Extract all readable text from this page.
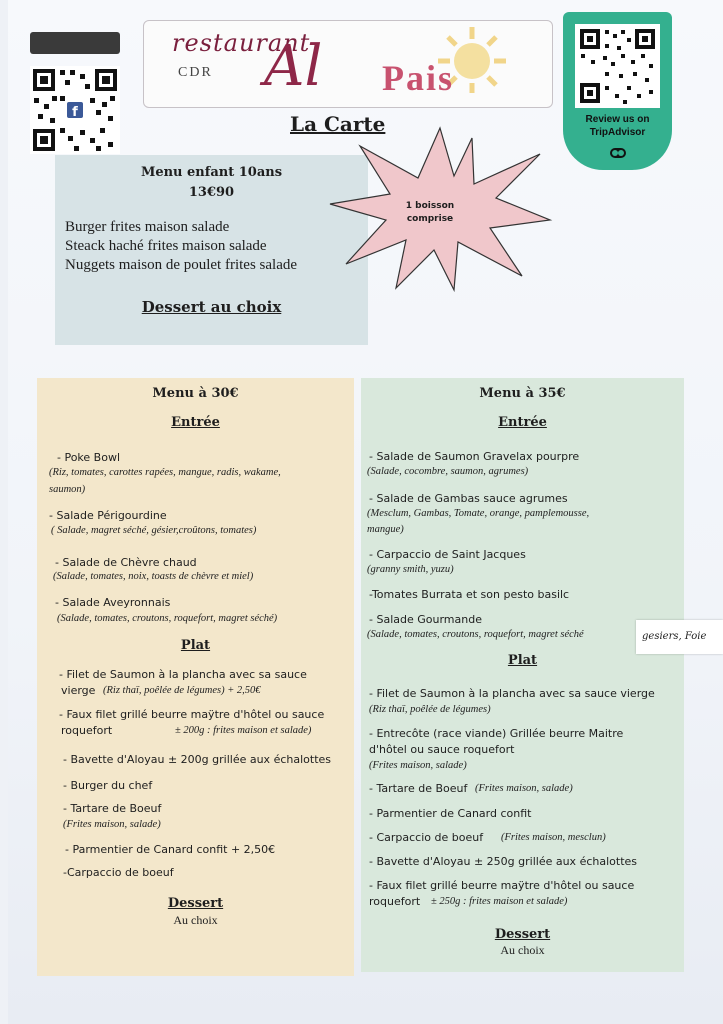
f
restaurant
CDR Al Pais
Review us on
TripAdvisor
La Carte
Menu enfant 10ans
13€90
Burger frites maison salade
Steack haché frites maison salade
Nuggets maison de poulet frites salade
Dessert au choix
1 boisson
comprise
Menu à 30€
Entrée
- Poke Bowl
(Riz, tomates, carottes rapées, mangue, radis, wakame,
saumon)
- Salade Périgourdine
( Salade, magret séché, gésier,croûtons, tomates)
- Salade de Chèvre chaud
(Salade, tomates, noix, toasts de chèvre et miel)
- Salade Aveyronnais
(Salade, tomates, croutons, roquefort, magret séché)
Plat
- Filet de Saumon à la plancha avec sa sauce
vierge (Riz thaï, poêlée de légumes) + 2,50€
- Faux filet grillé beurre maÿtre d'hôtel ou sauce
roquefort	± 200g : frites maison et salade)
- Bavette d'Aloyau ± 200g grillée aux échalottes
- Burger du chef
- Tartare de Boeuf
(Frites maison, salade)
- Parmentier de Canard confit + 2,50€
-Carpaccio de boeuf
Dessert
Au choix
Menu à 35€
Entrée
- Salade de Saumon Gravelax pourpre
(Salade, cocombre, saumon, agrumes)
- Salade de Gambas sauce agrumes
(Mesclum, Gambas, Tomate, orange, pamplemousse,
mangue)
- Carpaccio de Saint Jacques
(granny smith, yuzu)
-Tomates Burrata et son pesto basilc
- Salade Gourmande
(Salade, tomates, croutons, roquefort, magret séché
Plat
- Filet de Saumon à la plancha avec sa sauce vierge
(Riz thaï, poêlée de légumes)
- Entrecôte (race viande) Grillée beurre Maitre
d'hôtel ou sauce roquefort
(Frites maison, salade)
- Tartare de Boeuf (Frites maison, salade)
- Parmentier de Canard confit
- Carpaccio de boeuf (Frites maison, mesclun)
- Bavette d'Aloyau ± 250g grillée aux échalottes
- Faux filet grillé beurre maÿtre d'hôtel ou sauce
roquefort ± 250g : frites maison et salade)
Dessert
Au choix
gesiers, Foie
